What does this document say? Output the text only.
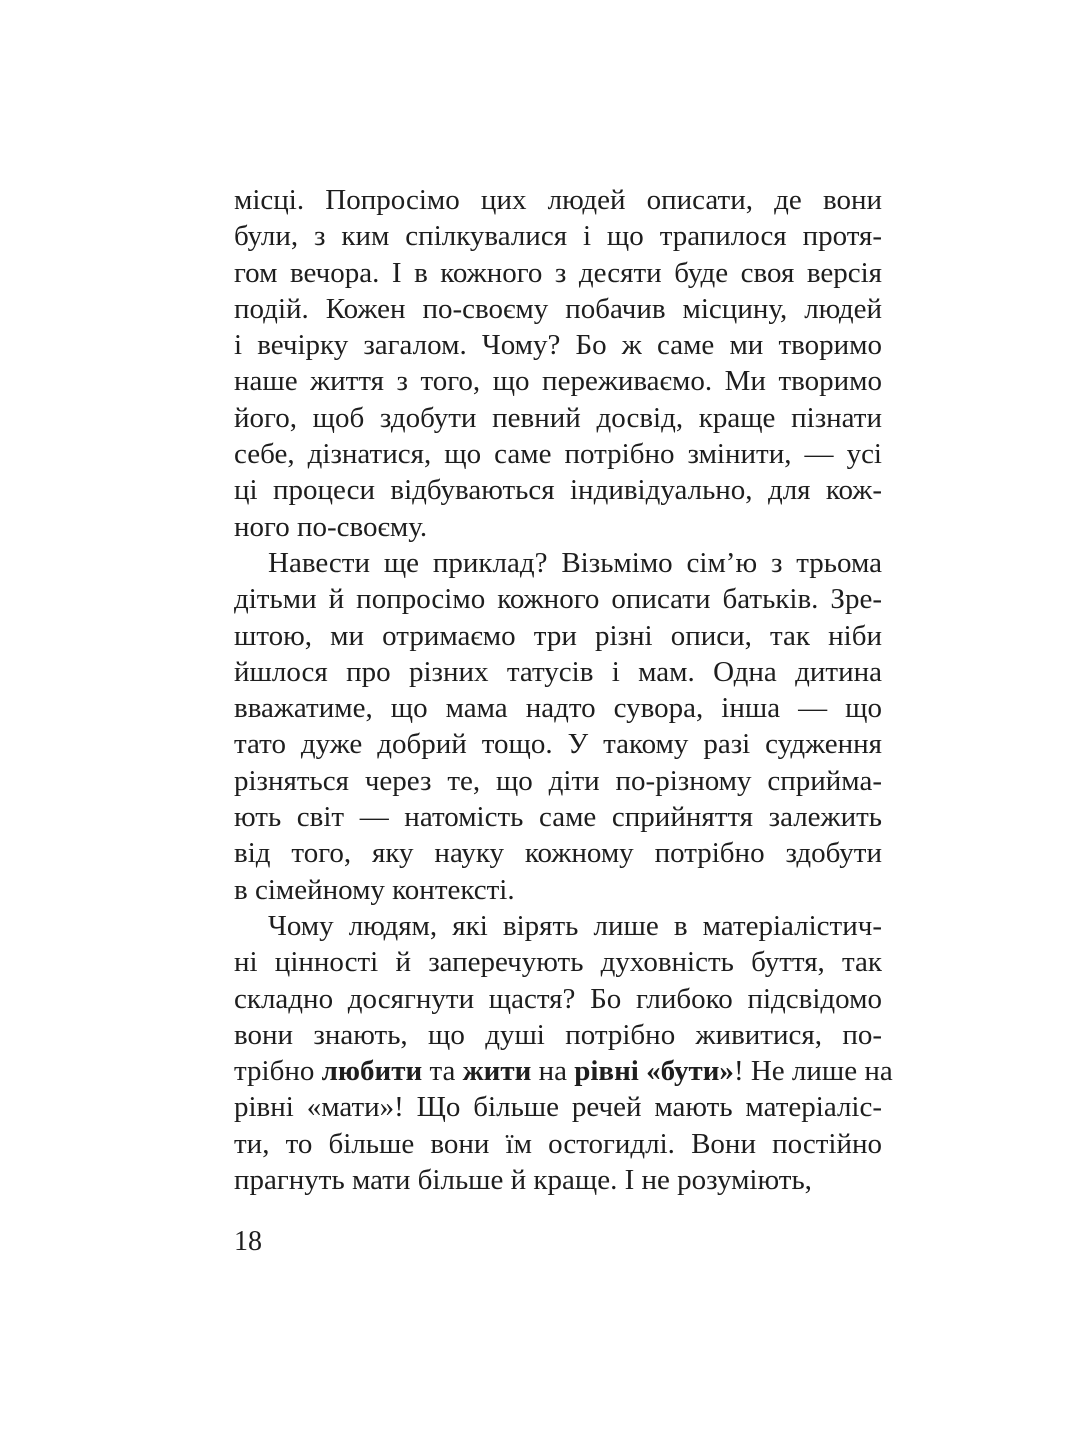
місці. Попросімо цих людей описати, де вони
були, з ким спілкувалися і що трапилося протя-
гом вечора. І в кожного з десяти буде своя версія
подій. Кожен по-своєму побачив місцину, людей
і вечірку загалом. Чому? Бо ж саме ми творимо
наше життя з того, що переживаємо. Ми творимо
його, щоб здобути певний досвід, краще пізнати
себе, дізнатися, що саме потрібно змінити, — усі
ці процеси відбуваються індивідуально, для кож-
ного по-своєму.
Навести ще приклад? Візьмімо сім’ю з трьома
дітьми й попросімо кожного описати батьків. Зре-
штою, ми отримаємо три різні описи, так ніби
йшлося про різних татусів і мам. Одна дитина
вважатиме, що мама надто сувора, інша — що
тато дуже добрий тощо. У такому разі судження
різняться через те, що діти по-різному сприйма-
ють світ — натомість саме сприйняття залежить
від того, яку науку кожному потрібно здобути
в сімейному контексті.
Чому людям, які вірять лише в матеріалістич-
ні цінності й заперечують духовність буття, так
складно досягнути щастя? Бо глибоко підсвідомо
вони знають, що душі потрібно живитися, по-
трібно любити та жити на рівні «бути»! Не лише на
рівні «мати»! Що більше речей мають матеріаліс-
ти, то більше вони їм остогидлі. Вони постійно
прагнуть мати більше й краще. І не розуміють,
18
